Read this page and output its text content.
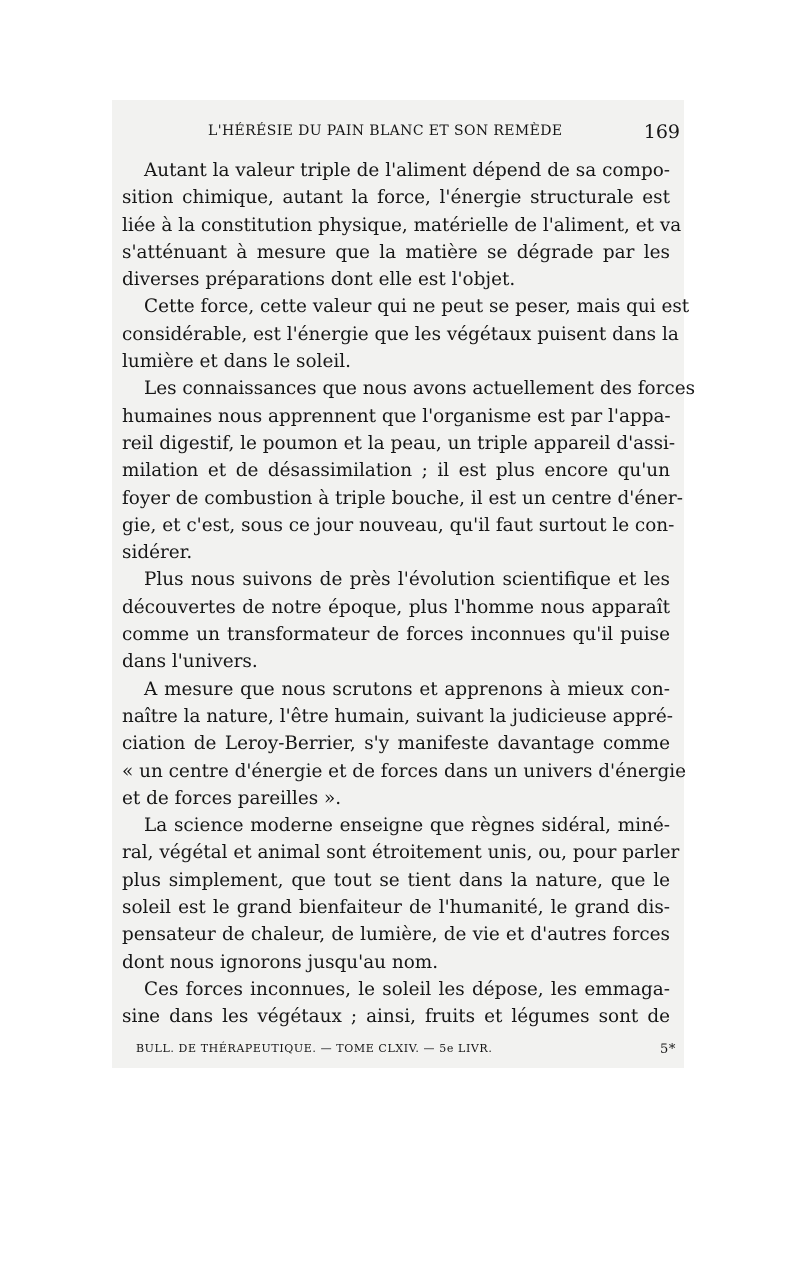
L'HÉRÉSIE DU PAIN BLANC ET SON REMÈDE	169
Autant la valeur triple de l'aliment dépend de sa compo-
sition chimique, autant la force, l'énergie structurale est
liée à la constitution physique, matérielle de l'aliment, et va
s'atténuant à mesure que la matière se dégrade par les
diverses préparations dont elle est l'objet.
Cette force, cette valeur qui ne peut se peser, mais qui est
considérable, est l'énergie que les végétaux puisent dans la
lumière et dans le soleil.
Les connaissances que nous avons actuellement des forces
humaines nous apprennent que l'organisme est par l'appa-
reil digestif, le poumon et la peau, un triple appareil d'assi-
milation et de désassimilation ; il est plus encore qu'un
foyer de combustion à triple bouche, il est un centre d'éner-
gie, et c'est, sous ce jour nouveau, qu'il faut surtout le con-
sidérer.
Plus nous suivons de près l'évolution scientifique et les
découvertes de notre époque, plus l'homme nous apparaît
comme un transformateur de forces inconnues qu'il puise
dans l'univers.
A mesure que nous scrutons et apprenons à mieux con-
naître la nature, l'être humain, suivant la judicieuse appré-
ciation de Leroy-Berrier, s'y manifeste davantage comme
« un centre d'énergie et de forces dans un univers d'énergie
et de forces pareilles ».
La science moderne enseigne que règnes sidéral, miné-
ral, végétal et animal sont étroitement unis, ou, pour parler
plus simplement, que tout se tient dans la nature, que le
soleil est le grand bienfaiteur de l'humanité, le grand dis-
pensateur de chaleur, de lumière, de vie et d'autres forces
dont nous ignorons jusqu'au nom.
Ces forces inconnues, le soleil les dépose, les emmaga-
sine dans les végétaux ; ainsi, fruits et légumes sont de
BULL. DE THÉRAPEUTIQUE. — TOME CLXIV. — 5e LIVR.	5*
